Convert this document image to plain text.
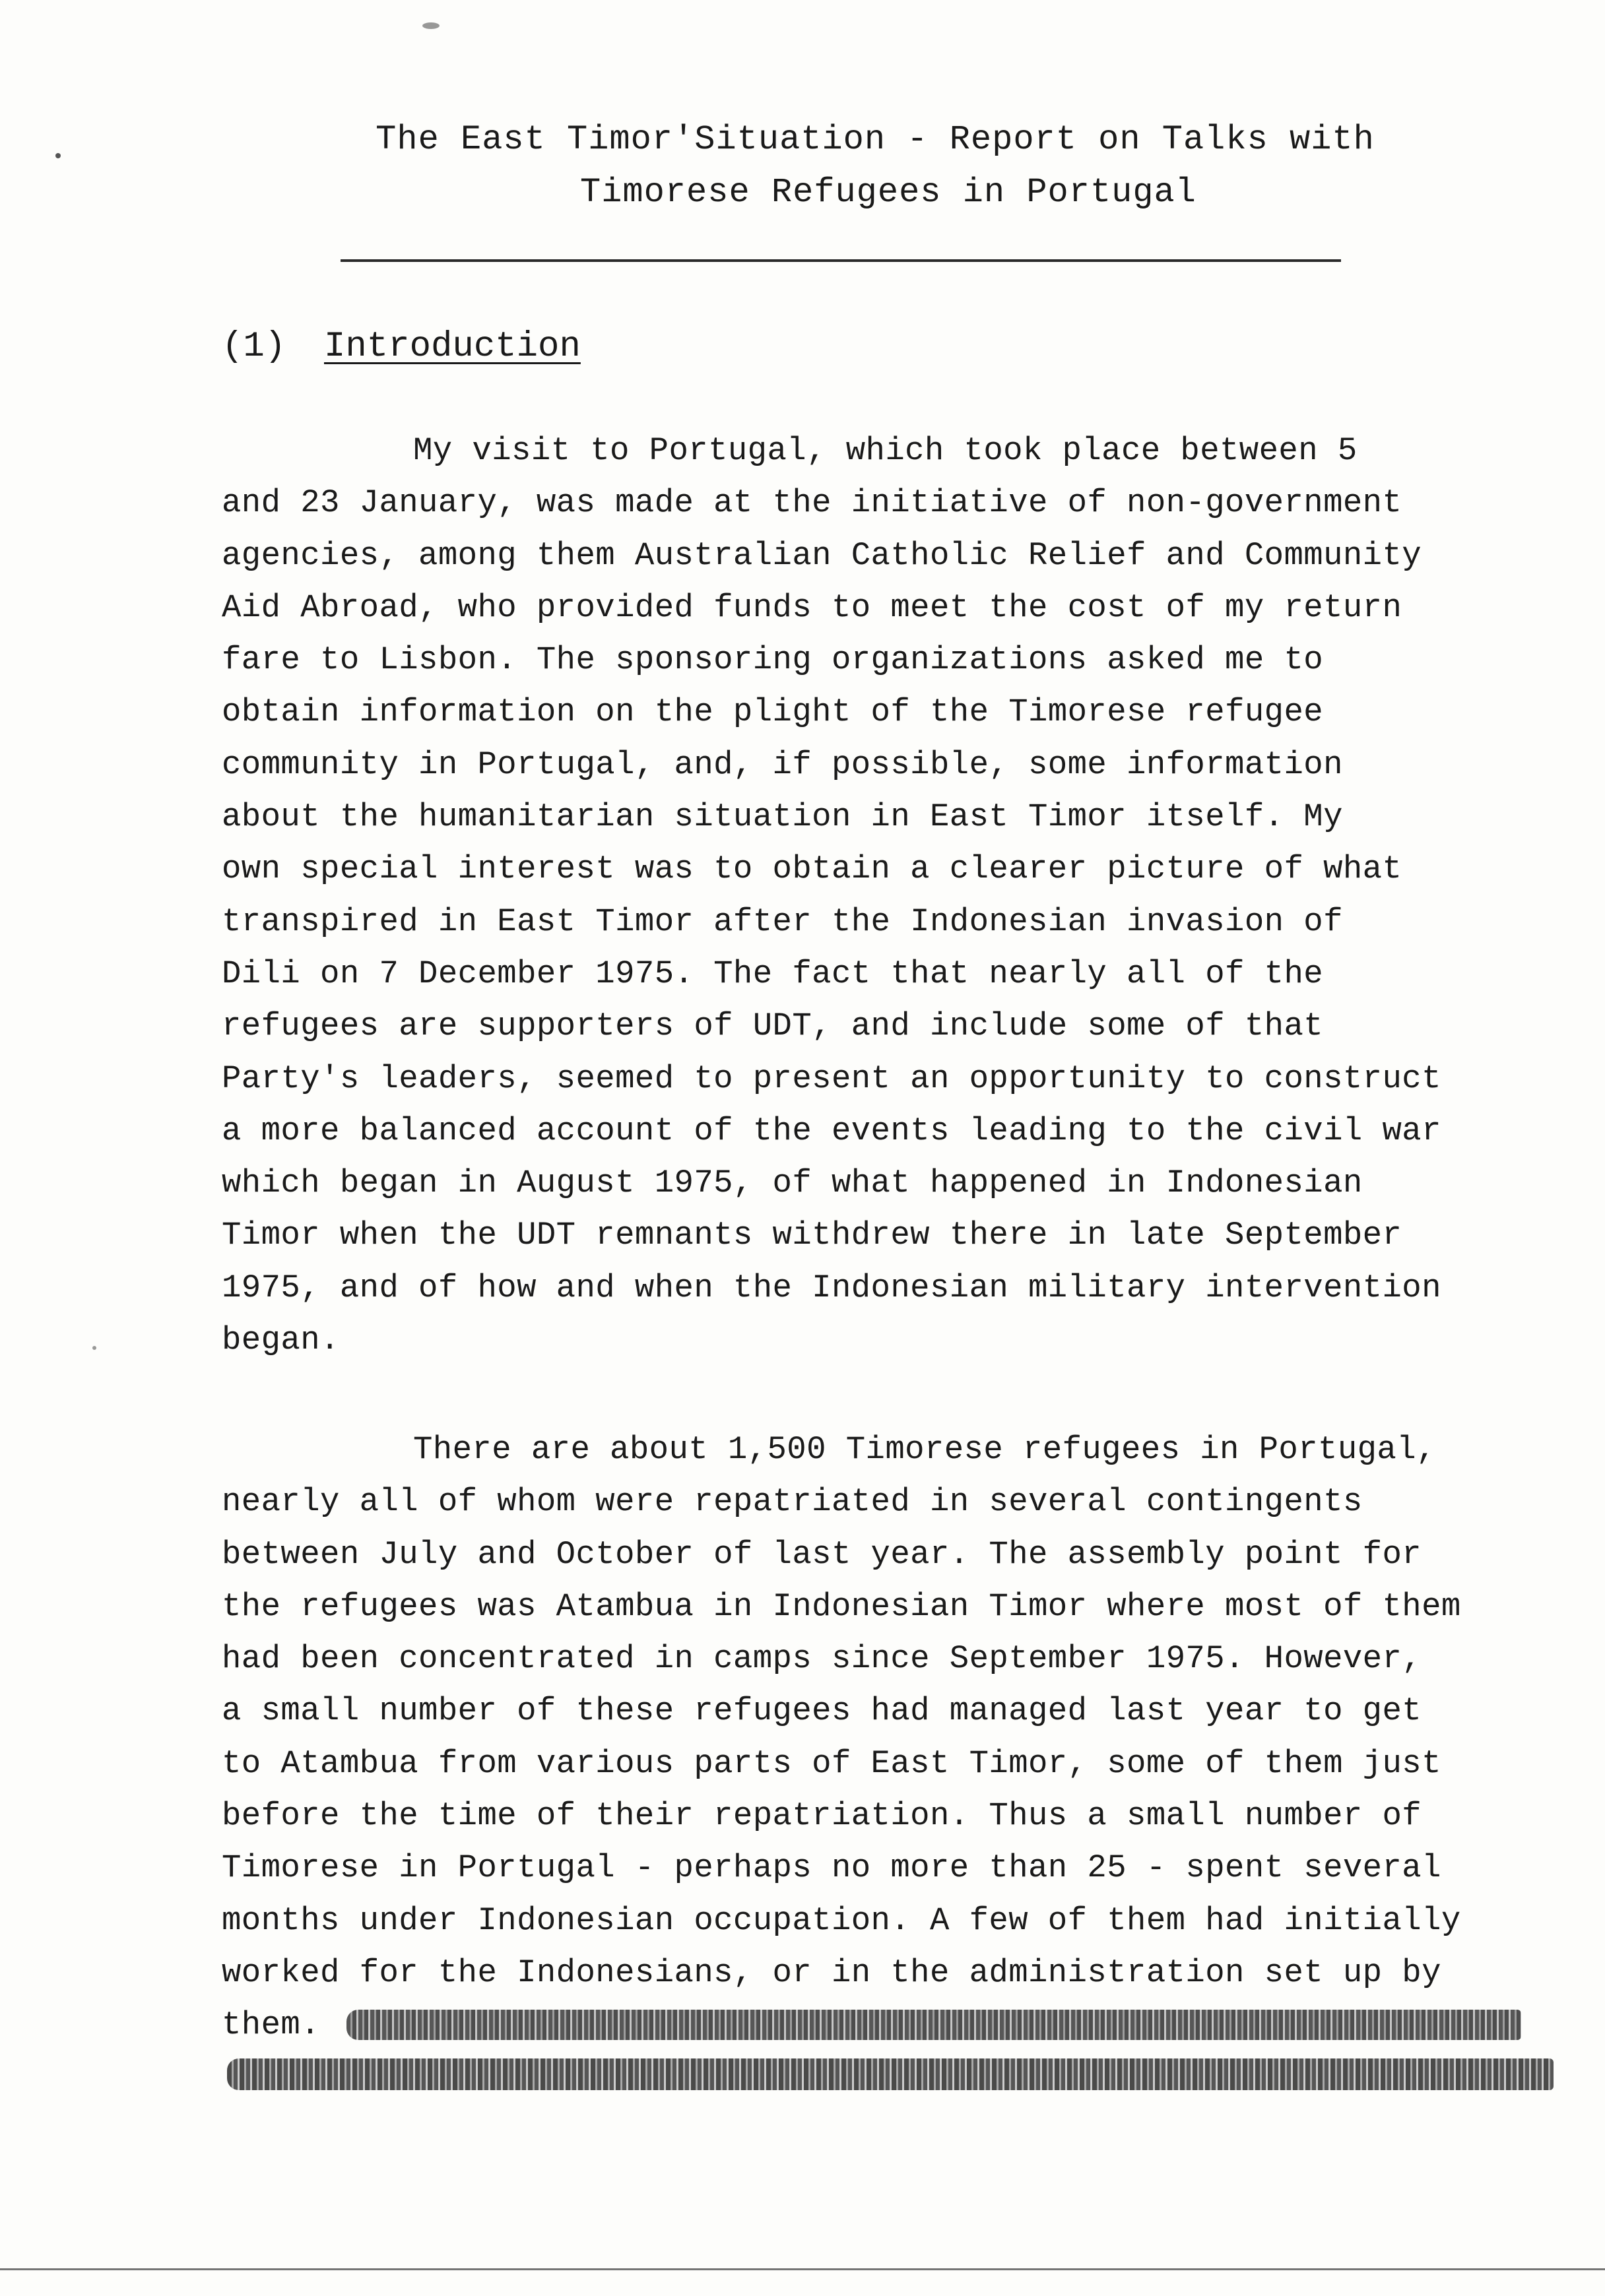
The East Timor'Situation - Report on Talks with
Timorese Refugees in Portugal
(1) Introduction
My visit to Portugal, which took place between 5
and 23 January, was made at the initiative of non-government
agencies, among them Australian Catholic Relief and Community
Aid Abroad, who provided funds to meet the cost of my return
fare to Lisbon. The sponsoring organizations asked me to
obtain information on the plight of the Timorese refugee
community in Portugal, and, if possible, some information
about the humanitarian situation in East Timor itself. My
own special interest was to obtain a clearer picture of what
transpired in East Timor after the Indonesian invasion of
Dili on 7 December 1975. The fact that nearly all of the
refugees are supporters of UDT, and include some of that
Party's leaders, seemed to present an opportunity to construct
a more balanced account of the events leading to the civil war
which began in August 1975, of what happened in Indonesian
Timor when the UDT remnants withdrew there in late September
1975, and of how and when the Indonesian military intervention
began.
There are about 1,500 Timorese refugees in Portugal,
nearly all of whom were repatriated in several contingents
between July and October of last year. The assembly point for
the refugees was Atambua in Indonesian Timor where most of them
had been concentrated in camps since September 1975. However,
a small number of these refugees had managed last year to get
to Atambua from various parts of East Timor, some of them just
before the time of their repatriation. Thus a small number of
Timorese in Portugal - perhaps no more than 25 - spent several
months under Indonesian occupation. A few of them had initially
worked for the Indonesians, or in the administration set up by
them.
